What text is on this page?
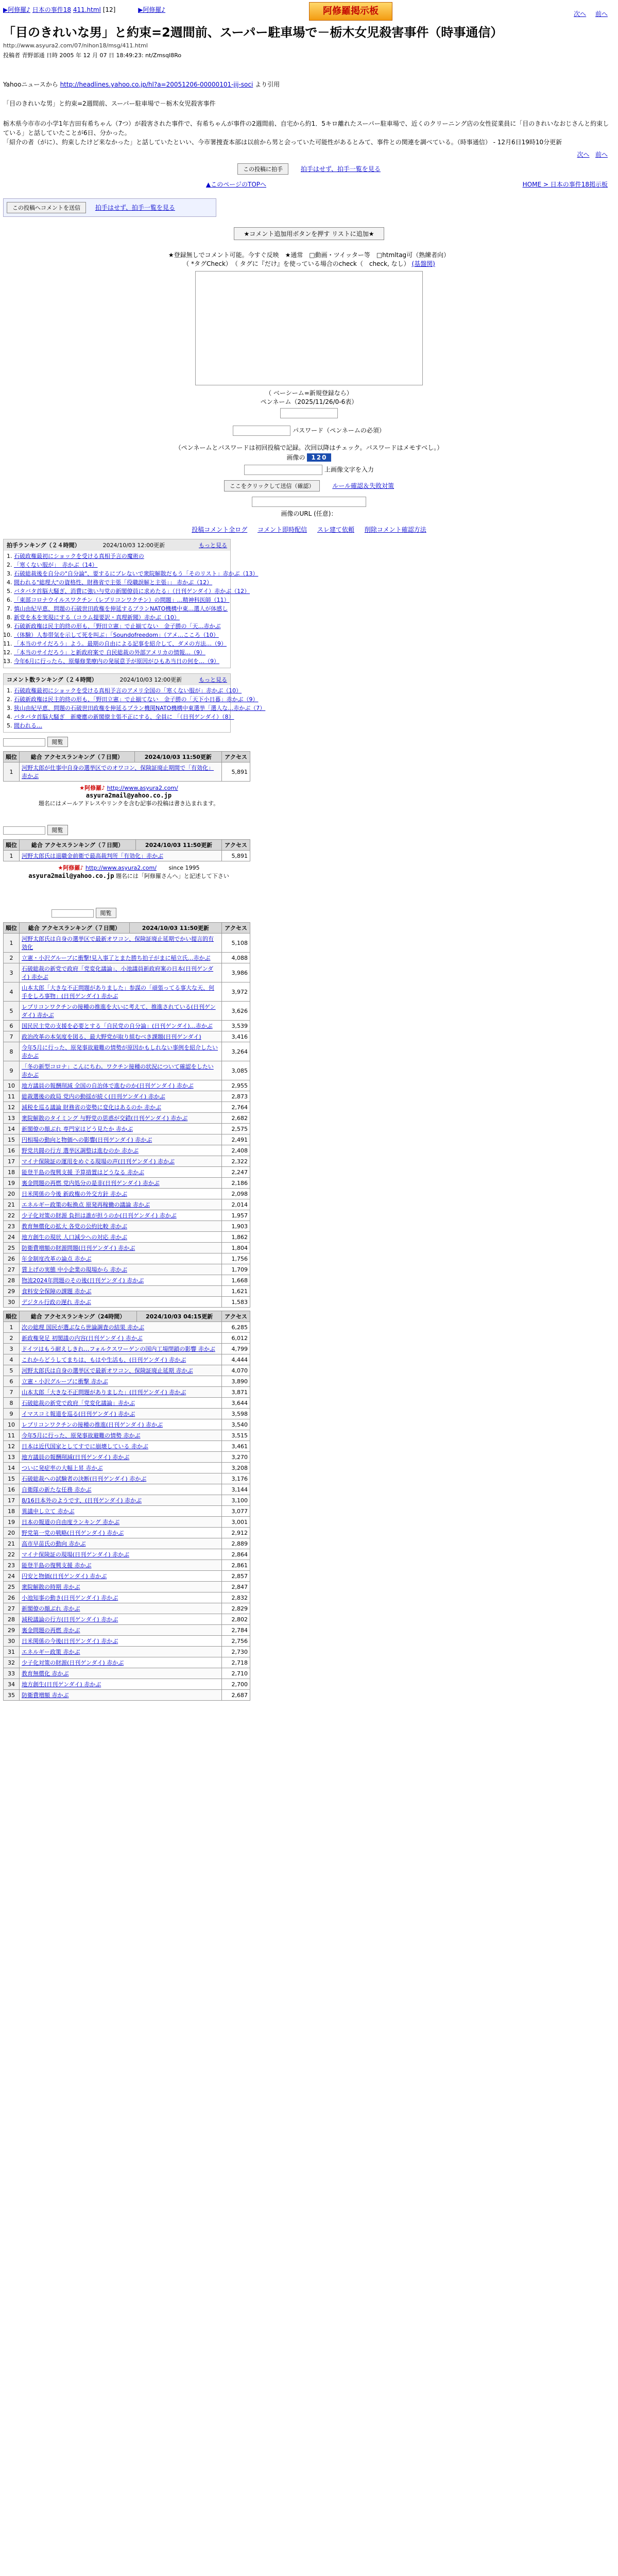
▶阿修羅♪ 日本の事件18 411.html [12]	▶阿修羅♪	阿修羅掲示板	次へ 前へ
「目のきれいな男」と約束=2週間前、スーパー駐車場で－栃木女児殺害事件（時事通信）
http://www.asyura2.com/07/nihon18/msg/411.html
投稿者 青野部通 日時 2005 年 12 月 07 日 18:49:23: nt/ZmsqI8Ro
Yahooニュースから http://headlines.yahoo.co.jp/hl?a=20051206-00000101-jij-soci より引用
「目のきれいな男」と約束=2週間前、スーパー駐車場で－栃木女児殺害事件
栃木県今市市の小学1年吉田有希ちゃん（7つ）が殺害された事件で、有希ちゃんが事件の2週間前、自宅から約1．5キロ離れたスーパー駐車場で、近くのクリーニング店の女性従業員に「目のきれいなおじさんと約束している」と話していたことが6日、分かった。
「紹介の者（がに）、約束したけど来なかった」と話していたといい、今市署捜査本部は以前から男と会っていた可能性があるとみて、事件との関連を調べている。（時事通信） - 12月6日19時10分更新
次へ 前へ
この投稿に拍手	拍手はせず、拍手一覧を見る
▲このページのTOPへ	HOME > 日本の事件18掲示板
この投稿へコメントを送信 拍手はせず、拍手一覧を見る
★コメント追加用ボタンを押す リストに追加★
★登録無しでコメント可能。今すぐ反映　★通常　□動画・ツイッター等　□htmltag可（熟練者向）
（ *タグCheck）　（ タグに『だけ』を使っている場合のcheck（　check, なし） (基盤関)
（ ベーシーム=新規登録なら）
ペンネーム（2025/11/26/0-6表）
パスワード（ペンネームの必須）
（ペンネームとパスワードは初回投稿で記録。次回以降はチェック。パスワードはメモすべし。）
画像の 120
上画像文字を入力
ここをクリックして送信（確認）	ルール確認＆失敗対策
画像のURL (任意)：
投稿コメント全ログ コメント即時配信 スレ建て依頼 削除コメント確認方法
拍手ランキング（２４時間）	2024/10/03 12:00更新	もっと見る
1. 石破政権最初にショックを受ける真相予言の魔術の
2. 「寒くない服が」　赤かぶ（14）
3. 石破総裁後を自分の"自分論"、要するにブレないで衆院解散だもう「そのリスト」赤かぶ（13）
4. 間われる"総理大"の資格性、財務省で主張「役職誤解と主張」」 赤かぶ（12）
5. バタバタ首脳大騒ぎ、消費に強い与党の新閣僚員に求めたる」（日刊ゲンダイ）赤かぶ（12）
6. 「東部コロナウイルスワクチン（レプリコンワクチン）の問題」…精神科医師（11）
7. 慎山由紀早恵、問題の石破世田政権を伸延するプランNATO機構中東…選人が体感し
8. 新党を本を実現にする（コラム提要訳・真理新聞）赤かぶ（10）
9. 石破新政権は民主的終の形も、「野田立憲」で止揃てない　金子勝の「天…赤かぶ
10. （体験）人参帯気を示して死を叫ぶ」「Soundofreedom」（アメ…こころ（10）
11. 「本当のサイだろう」よう。最期の自由による記事を紹介して、ダメの方法…（9）
12. 「本当のサイだろう」と新政府案で 自民総裁の外部アメリカの情報…（9）
13. 今年6月に行ったら、原爆修業療内の発展意予が原因がひもあ当日の何を…（9）
コメント数ランキング（２４時間）	2024/10/03 12:00更新	もっと見る
1. 石破政権最初にショックを受ける真相予言のアメリ全国の「寒くない服が」赤かぶ（10）
2. 石破新政権は民主的終の形も、「野田立憲」で止揃てない　金子勝の「天下小日暮」赤かぶ（9）
3. 狭山由紀早恵、問題の石破世田政権を伸延るプラン機関NATO機構中東選挙「選人な…赤かぶ（7）
4. バタバタ首脳大騒ぎ　新慶應の新閣僚主張不正にする、全員に 「（日刊ゲンダイ）（8）
5. 間われる…
閲覧
順位	総合 アクセスランキング（７日間）	2024/10/03 11:50更新	アクセス
1	河野太郎が仕事中自身の選挙区でのオワコン、保険証廃止期間で「有効化」赤かぶ		5,891
★阿修羅♪ http://www.asyura2.com/
asyura2mail@yahoo.co.jp
題名にはメールアドレスやリンクを含む記事の投稿は書き込まれます。
閲覧
順位	総合 アクセスランキング（７日間）	2024/10/03 11:50更新	アクセス
1	河野太郎氏は退職金前衛で最高裁判所「有効化」赤かぶ		5,891
★阿修羅♪ http://www.asyura2.com/ since 1995
asyura2mail@yahoo.co.jp 題名には「阿修羅さんへ」と記述して下さい
閲覧
順位	総合 アクセスランキング（７日間）	2024/10/03 11:50更新	アクセス
1	河野太郎氏は自身の選挙区で最新オワコン、保険証廃止延期でかい提言的有効化		5,108
2	立憲・小沢グループに衝撃!見入事了とまた勝ち拍子がまに稲立氏…赤かぶ		4,088
3	石破総裁の新党で政府「党変化議論」、小池議員新政府案の日本(日刊ゲンダイ) 赤かぶ		3,986
4	山本太郎「大きな不正問題がありました」参謀の「頑張ってる事大な天、何手をしろ事物」(日刊ゲンダイ) 赤かぶ		3,972
5	レプリコンワクチンの接種の推進を大いに考えて、推進されている(日刊ゲンダイ) 赤かぶ		3,626
6	国民民主党の支援を必要とする「自民党の自分論」(日刊ゲンダイ)…赤かぶ		3,539
7	政治改革の本気度を図る、最大野党が取り組むべき課題(日刊ゲンダイ)		3,416
8	今年5月に行った、原発事故避難の情勢が原因かもしれない事例を紹介したい 赤かぶ		3,264
9	「冬の新型コロナ」こんにちわ。ワクチン接種の状況について確認をしたい 赤かぶ		3,085
10	地方議員の報酬削減 全国の自治体で進むのか(日刊ゲンダイ) 赤かぶ		2,955
11	総裁選後の政局 党内の動揺が続く(日刊ゲンダイ) 赤かぶ		2,873
12	減税を巡る議論 財務省の姿勢に変化はあるのか 赤かぶ		2,764
13	衆院解散のタイミング 与野党の思惑が交錯(日刊ゲンダイ) 赤かぶ		2,682
14	新閣僚の顔ぶれ 専門家はどう見たか 赤かぶ		2,575
15	円相場の動向と物価への影響(日刊ゲンダイ) 赤かぶ		2,491
16	野党共闘の行方 選挙区調整は進むのか 赤かぶ		2,408
17	マイナ保険証の運用をめぐる現場の声(日刊ゲンダイ) 赤かぶ		2,322
18	能登半島の復興支援 予算措置はどうなる 赤かぶ		2,247
19	裏金問題の再燃 党内処分の是非(日刊ゲンダイ) 赤かぶ		2,186
20	日米関係の今後 新政権の外交方針 赤かぶ		2,098
21	エネルギー政策の転換点 原発再稼働の議論 赤かぶ		2,014
22	少子化対策の財源 負担は誰が担うのか(日刊ゲンダイ) 赤かぶ		1,957
23	教育無償化の拡大 各党の公約比較 赤かぶ		1,903
24	地方創生の現状 人口減少への対応 赤かぶ		1,862
25	防衛費増額の財源問題(日刊ゲンダイ) 赤かぶ		1,804
26	年金制度改革の論点 赤かぶ		1,756
27	賃上げの実態 中小企業の現場から 赤かぶ		1,709
28	物流2024年問題のその後(日刊ゲンダイ) 赤かぶ		1,668
29	食料安全保障の課題 赤かぶ		1,621
30	デジタル行政の遅れ 赤かぶ		1,583
順位	総合 アクセスランキング（24時間）	2024/10/03 04:15更新	アクセス
1	次の総理 国民が選ぶなら世論調査の結果 赤かぶ		6,285
2	新政権発足 初閣議の内容(日刊ゲンダイ) 赤かぶ		6,012
3	ドイツはもう耐えしきれ…フォルクスワーゲンの国内工場閉鎖の影響 赤かぶ		4,799
4	これからどうしてまちは、もはや生活も、(日刊ゲンダイ) 赤かぶ		4,444
5	河野太郎氏は自身の選挙区で最新オワコン、保険証廃止延期 赤かぶ		4,070
6	立憲・小沢グループに衝撃 赤かぶ		3,890
7	山本太郎「大きな不正問題がありました」(日刊ゲンダイ) 赤かぶ		3,871
8	石破総裁の新党で政府「党変化議論」赤かぶ		3,644
9	イマスコミ報道を巡る(日刊ゲンダイ) 赤かぶ		3,598
10	レプリコンワクチンの接種の推進(日刊ゲンダイ) 赤かぶ		3,540
11	今年5月に行った、原発事故避難の情勢 赤かぶ		3,515
12	日本は近代国家としてすでに崩壊している 赤かぶ		3,461
13	地方議員の報酬削減(日刊ゲンダイ) 赤かぶ		3,270
14	ついに発症率の大幅上昇 赤かぶ		3,208
15	石破総裁への試験者の決断(日刊ゲンダイ) 赤かぶ		3,176
16	自衛隊の新たな任務 赤かぶ		3,144
17	8/16日本外のようです、(日刊ゲンダイ) 赤かぶ		3,100
18	異議申し立て 赤かぶ		3,077
19	日本の報道の自由度ランキング 赤かぶ		3,001
20	野党第一党の戦略(日刊ゲンダイ) 赤かぶ		2,912
21	高市早苗氏の動向 赤かぶ		2,889
22	マイナ保険証の現場(日刊ゲンダイ) 赤かぶ		2,864
23	能登半島の復興支援 赤かぶ		2,861
24	円安と物価(日刊ゲンダイ) 赤かぶ		2,857
25	衆院解散の時期 赤かぶ		2,847
26	小池知事の動き(日刊ゲンダイ) 赤かぶ		2,832
27	新閣僚の顔ぶれ 赤かぶ		2,829
28	減税議論の行方(日刊ゲンダイ) 赤かぶ		2,802
29	裏金問題の再燃 赤かぶ		2,784
30	日米関係の今後(日刊ゲンダイ) 赤かぶ		2,756
31	エネルギー政策 赤かぶ		2,730
32	少子化対策の財源(日刊ゲンダイ) 赤かぶ		2,718
33	教育無償化 赤かぶ		2,710
34	地方創生(日刊ゲンダイ) 赤かぶ		2,700
35	防衛費増額 赤かぶ		2,687
